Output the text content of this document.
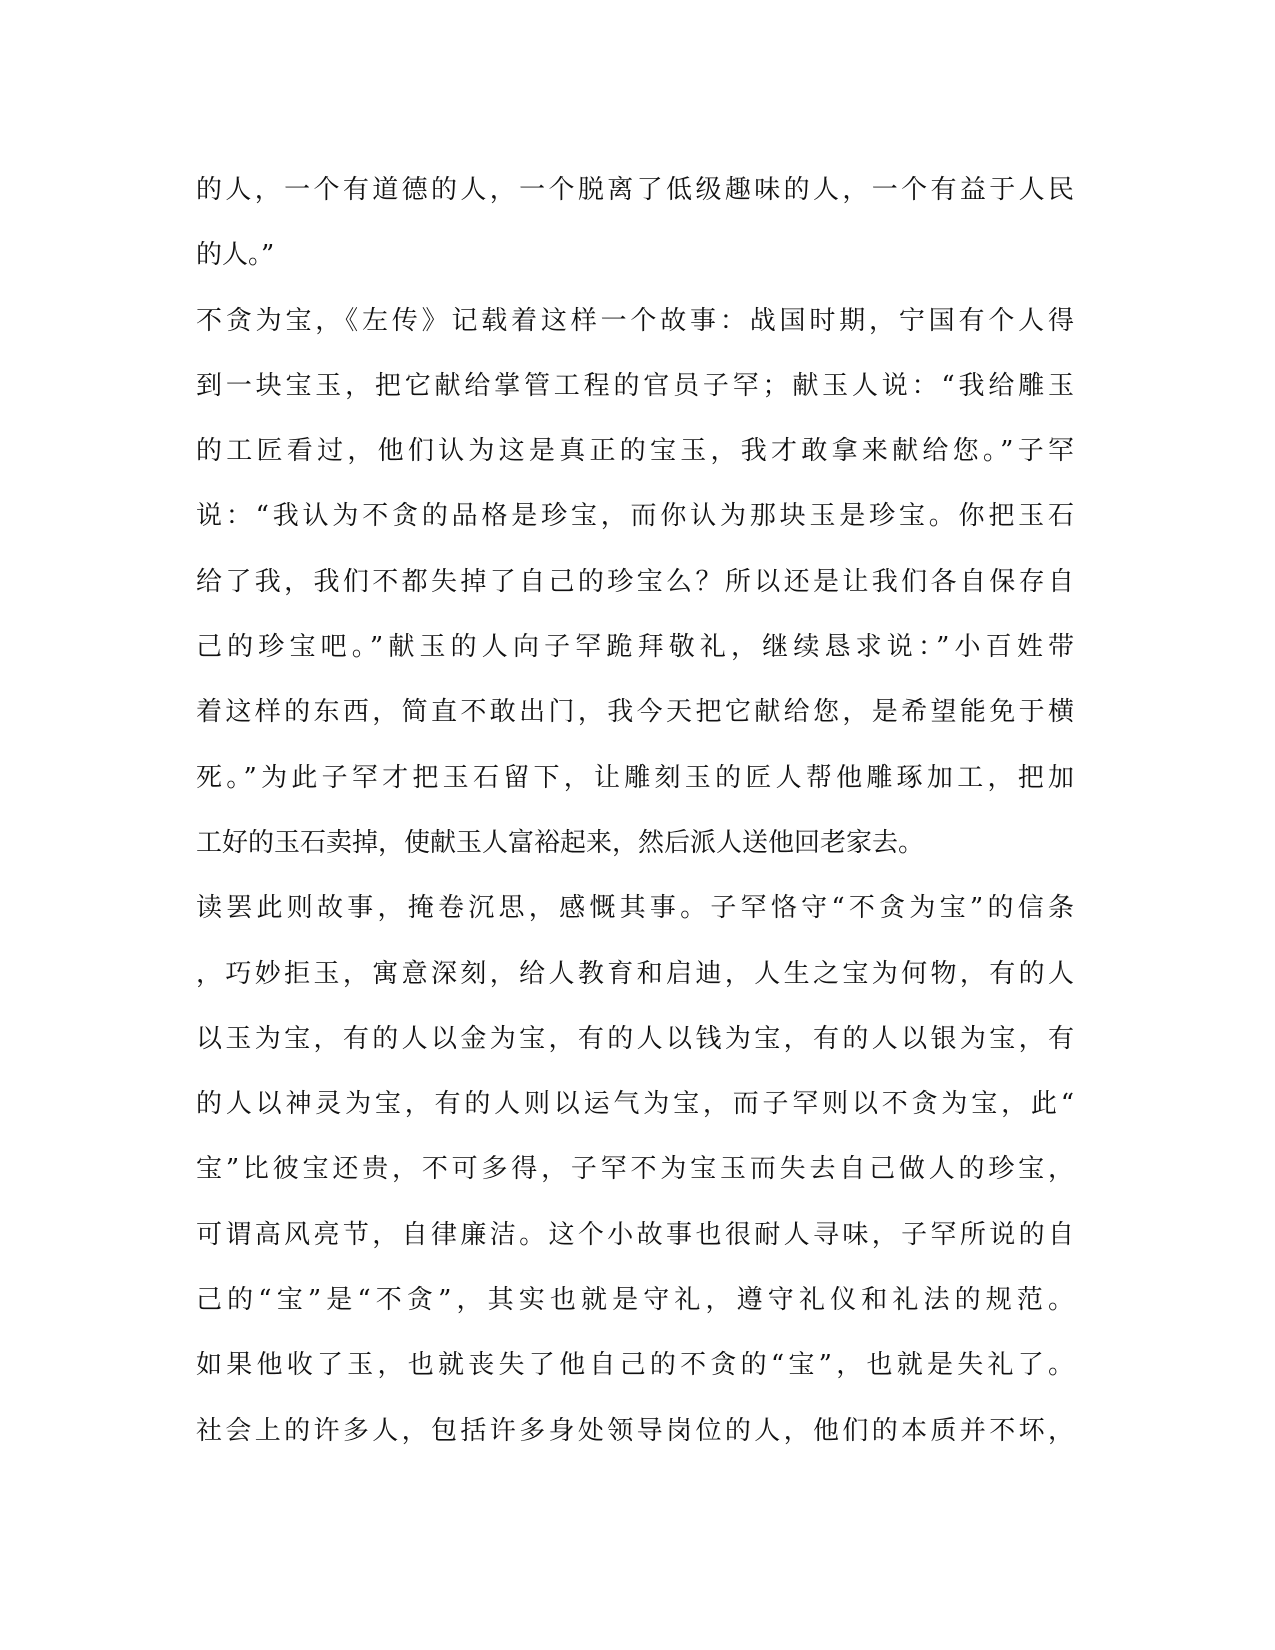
的人，一个有道德的人，一个脱离了低级趣味的人，一个有益于人民
的人。”
不贪为宝，《左传》记载着这样一个故事：战国时期，宁国有个人得
到一块宝玉，把它献给掌管工程的官员子罕；献玉人说：“我给雕玉
的工匠看过，他们认为这是真正的宝玉，我才敢拿来献给您。”子罕
说：“我认为不贪的品格是珍宝，而你认为那块玉是珍宝。你把玉石
给了我，我们不都失掉了自己的珍宝么？所以还是让我们各自保存自
己的珍宝吧。”献玉的人向子罕跪拜敬礼，继续恳求说：”小百姓带
着这样的东西，简直不敢出门，我今天把它献给您，是希望能免于横
死。”为此子罕才把玉石留下，让雕刻玉的匠人帮他雕琢加工，把加
工好的玉石卖掉，使献玉人富裕起来，然后派人送他回老家去。
读罢此则故事，掩卷沉思，感慨其事。子罕恪守“不贪为宝”的信条
，巧妙拒玉，寓意深刻，给人教育和启迪，人生之宝为何物，有的人
以玉为宝，有的人以金为宝，有的人以钱为宝，有的人以银为宝，有
的人以神灵为宝，有的人则以运气为宝，而子罕则以不贪为宝，此“
宝”比彼宝还贵，不可多得，子罕不为宝玉而失去自己做人的珍宝，
可谓高风亮节，自律廉洁。这个小故事也很耐人寻味，子罕所说的自
己的“宝”是“不贪”，其实也就是守礼，遵守礼仪和礼法的规范。
如果他收了玉，也就丧失了他自己的不贪的“宝”，也就是失礼了。
社会上的许多人，包括许多身处领导岗位的人，他们的本质并不坏，
